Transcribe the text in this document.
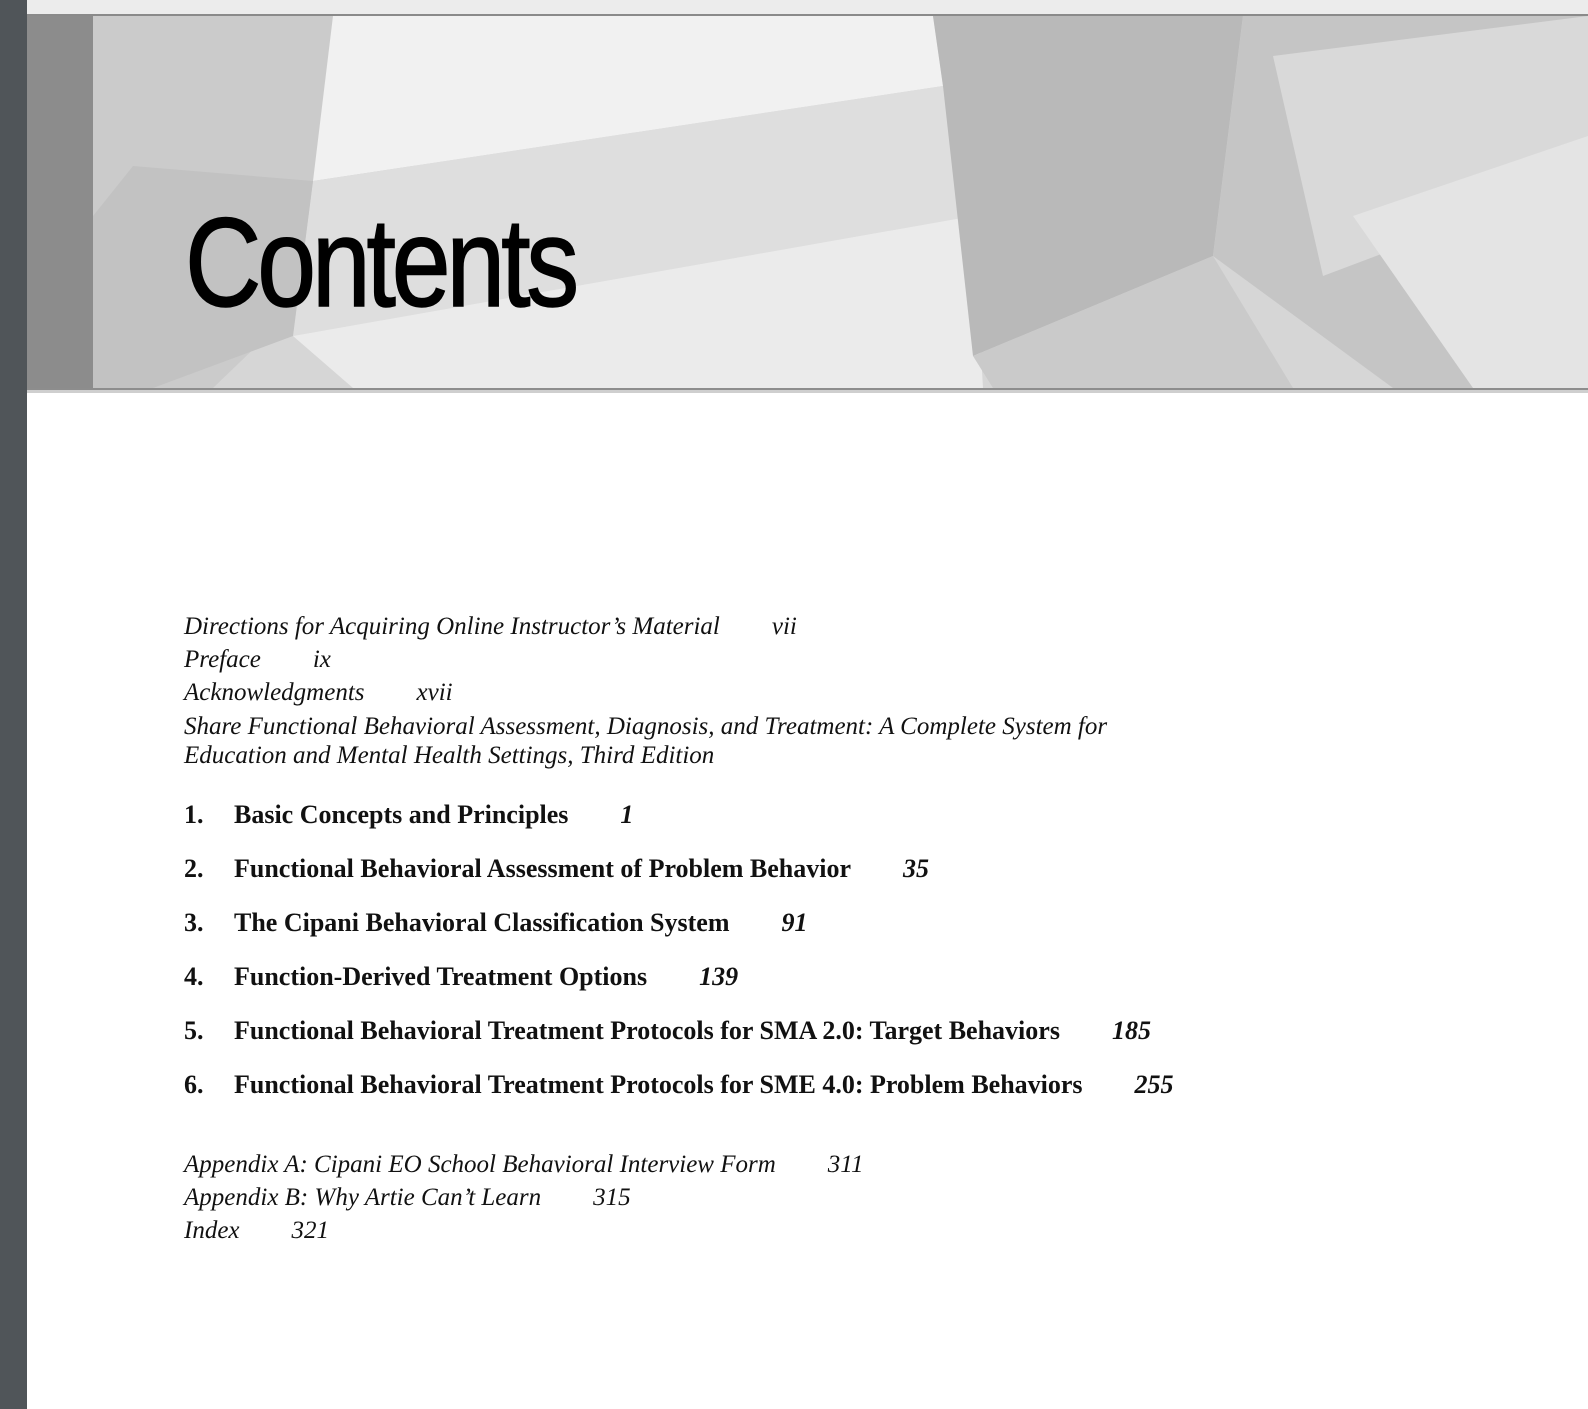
Contents
Directions for Acquiring Online Instructor’s Material vii
Preface ix
Acknowledgments xvii
Share Functional Behavioral Assessment, Diagnosis, and Treatment: A Complete System for
Education and Mental Health Settings, Third Edition
1. Basic Concepts and Principles 1
2. Functional Behavioral Assessment of Problem Behavior 35
3. The Cipani Behavioral Classification System 91
4. Function-Derived Treatment Options 139
5. Functional Behavioral Treatment Protocols for SMA 2.0: Target Behaviors 185
6. Functional Behavioral Treatment Protocols for SME 4.0: Problem Behaviors 255
Appendix A: Cipani EO School Behavioral Interview Form 311
Appendix B: Why Artie Can’t Learn 315
Index 321
